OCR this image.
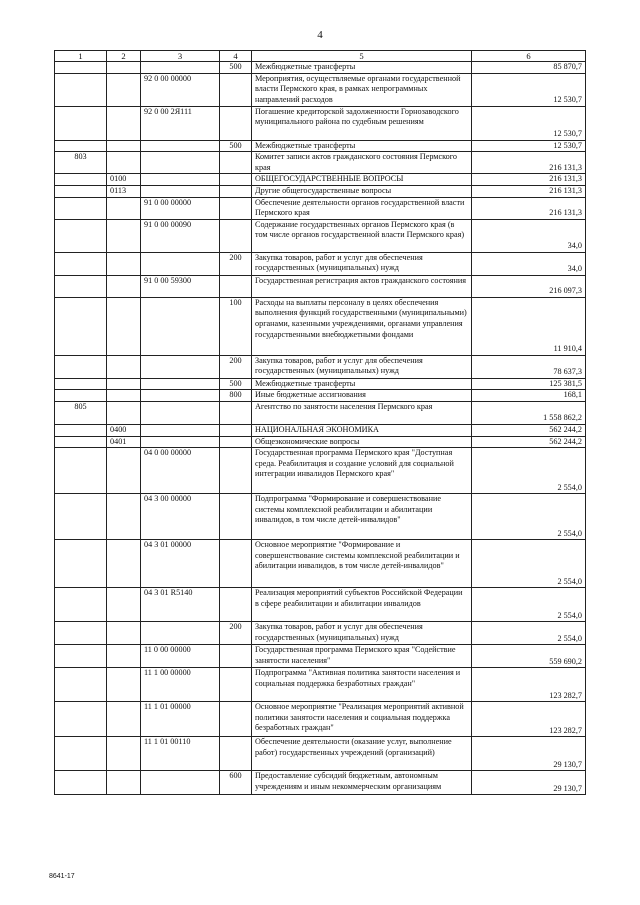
4
1	2	3	4	5	6
			500	Межбюджетные трансферты	85 870,7
		92 0 00 00000		Мероприятия, осуществляемые органами государственной власти Пермского края, в рамках непрограммных направлений расходов	12 530,7
		92 0 00 2Я111		Погашение кредиторской задолженности Горнозаводского муниципального района по судебным решениям	12 530,7
			500	Межбюджетные трансферты	12 530,7
803				Комитет записи актов гражданского состояния Пермского края	216 131,3
	0100			ОБЩЕГОСУДАРСТВЕННЫЕ ВОПРОСЫ	216 131,3
	0113			Другие общегосударственные вопросы	216 131,3
		91 0 00 00000		Обеспечение деятельности органов государственной власти Пермского края	216 131,3
		91 0 00 00090		Содержание государственных органов Пермского края (в том числе органов государственной власти Пермского края)	34,0
			200	Закупка товаров, работ и услуг для обеспечения государственных (муниципальных) нужд	34,0
		91 0 00 59300		Государственная регистрация актов гражданского состояния	216 097,3
			100	Расходы на выплаты персоналу в целях обеспечения выполнения функций государственными (муниципальными) органами, казенными учреждениями, органами управления государственными внебюджетными фондами	11 910,4
			200	Закупка товаров, работ и услуг для обеспечения государственных (муниципальных) нужд	78 637,3
			500	Межбюджетные трансферты	125 381,5
			800	Иные бюджетные ассигнования	168,1
805				Агентство по занятости населения Пермского края	1 558 862,2
	0400			НАЦИОНАЛЬНАЯ ЭКОНОМИКА	562 244,2
	0401			Общеэкономические вопросы	562 244,2
		04 0 00 00000		Государственная программа Пермского края "Доступная среда. Реабилитация и создание условий для социальной интеграции инвалидов Пермского края"	2 554,0
		04 3 00 00000		Подпрограмма "Формирование и совершенствование системы комплексной реабилитации и абилитации инвалидов, в том числе детей-инвалидов"	2 554,0
		04 3 01 00000		Основное мероприятие "Формирование и совершенствование системы комплексной реабилитации и абилитации инвалидов, в том числе детей-инвалидов"	2 554,0
		04 3 01 R5140		Реализация мероприятий субъектов Российской Федерации в сфере реабилитации и абилитации инвалидов	2 554,0
			200	Закупка товаров, работ и услуг для обеспечения государственных (муниципальных) нужд	2 554,0
		11 0 00 00000		Государственная программа Пермского края "Содействие занятости населения"	559 690,2
		11 1 00 00000		Подпрограмма "Активная политика занятости населения и социальная поддержка безработных граждан"	123 282,7
		11 1 01 00000		Основное мероприятие "Реализация мероприятий активной политики занятости населения и социальная поддержка безработных граждан"	123 282,7
		11 1 01 00110		Обеспечение деятельности (оказание услуг, выполнение работ) государственных учреждений (организаций)	29 130,7
			600	Предоставление субсидий бюджетным, автономным учреждениям и иным некоммерческим организациям	29 130,7
8641-17
